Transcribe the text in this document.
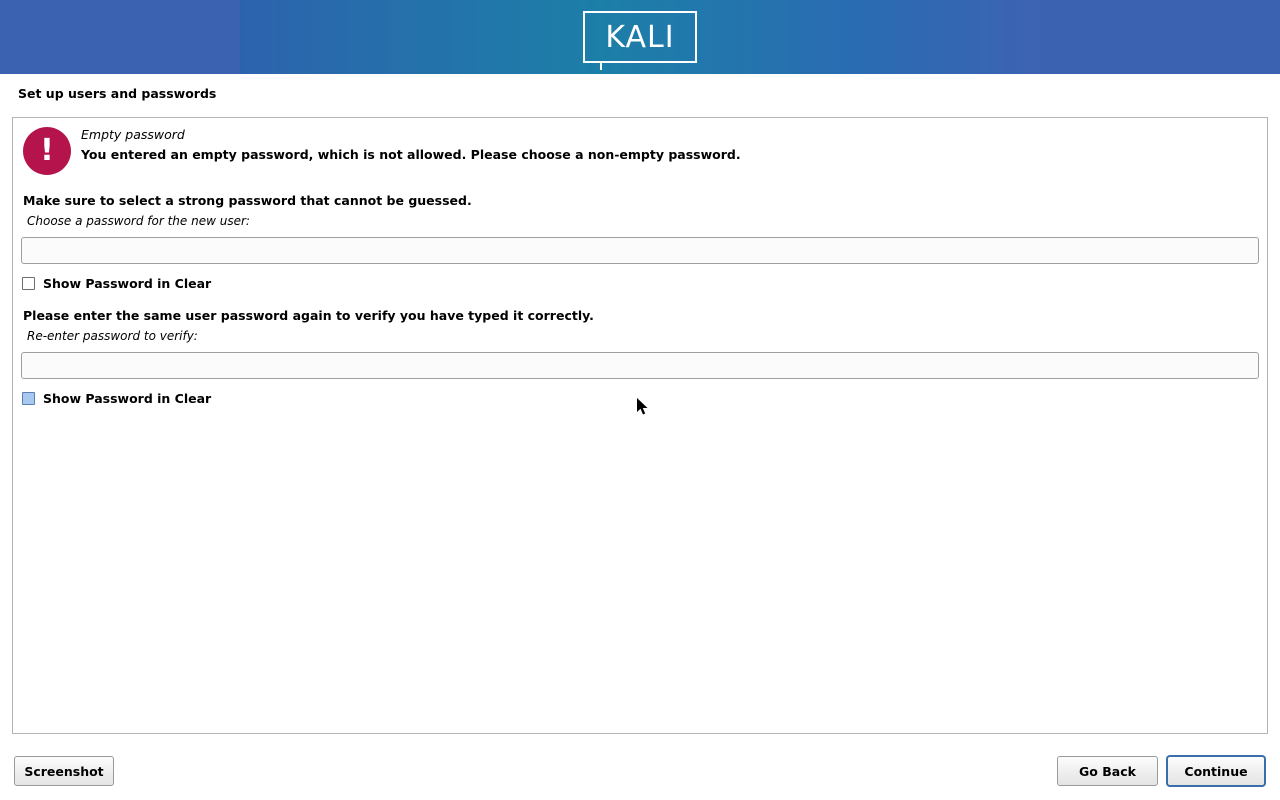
KALI
Set up users and passwords
! Empty password
You entered an empty password, which is not allowed. Please choose a non-empty password.
Make sure to select a strong password that cannot be guessed.
Choose a password for the new user:
Show Password in Clear
Please enter the same user password again to verify you have typed it correctly.
Re-enter password to verify:
Show Password in Clear
Screenshot	Go Back	Continue
